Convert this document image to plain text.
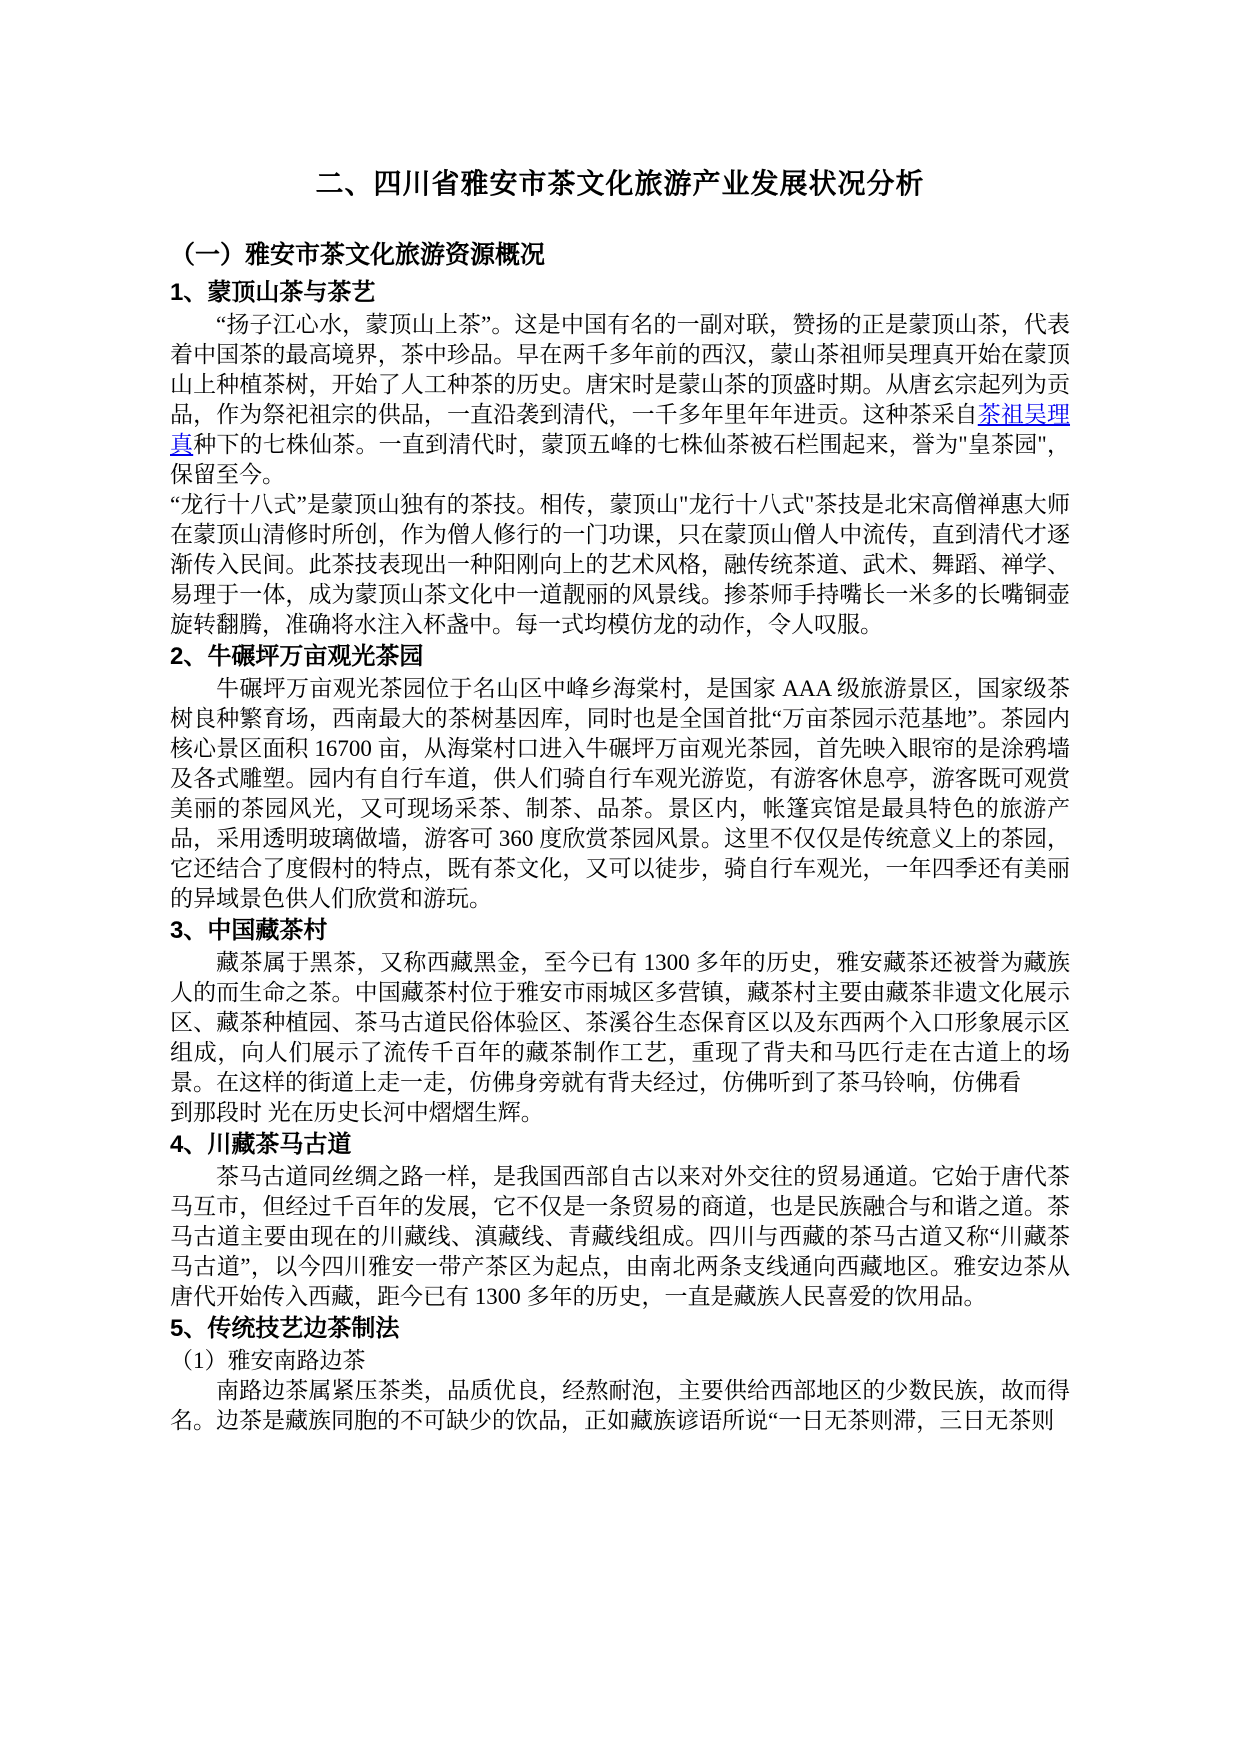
二、四川省雅安市茶文化旅游产业发展状况分析
（一）雅安市茶文化旅游资源概况
1、蒙顶山茶与茶艺

“扬子江心水，蒙顶山上茶”。这是中国有名的一副对联，赞扬的正是蒙顶山茶，代表着中国茶的最高境界，茶中珍品。早在两千多年前的西汉，蒙山茶祖师吴理真开始在蒙顶山上种植茶树，开始了人工种茶的历史。唐宋时是蒙山茶的顶盛时期。从唐玄宗起列为贡品，作为祭祀祖宗的供品，一直沿袭到清代，一千多年里年年进贡。这种茶采自茶祖吴理真种下的七株仙茶。一直到清代时，蒙顶五峰的七株仙茶被石栏围起来，誉为"皇茶园"，保留至今。

“龙行十八式”是蒙顶山独有的茶技。相传，蒙顶山"龙行十八式"茶技是北宋高僧禅惠大师在蒙顶山清修时所创，作为僧人修行的一门功课，只在蒙顶山僧人中流传，直到清代才逐渐传入民间。此茶技表现出一种阳刚向上的艺术风格，融传统茶道、武术、舞蹈、禅学、易理于一体，成为蒙顶山茶文化中一道靓丽的风景线。掺茶师手持嘴长一米多的长嘴铜壶旋转翻腾，准确将水注入杯盏中。每一式均模仿龙的动作，令人叹服。

2、牛碾坪万亩观光茶园

牛碾坪万亩观光茶园位于名山区中峰乡海棠村，是国家 AAA 级旅游景区，国家级茶树良种繁育场，西南最大的茶树基因库，同时也是全国首批“万亩茶园示范基地”。茶园内核心景区面积 16700 亩，从海棠村口进入牛碾坪万亩观光茶园，首先映入眼帘的是涂鸦墙及各式雕塑。园内有自行车道，供人们骑自行车观光游览，有游客休息亭，游客既可观赏美丽的茶园风光，又可现场采茶、制茶、品茶。景区内，帐篷宾馆是最具特色的旅游产品，采用透明玻璃做墙，游客可 360 度欣赏茶园风景。这里不仅仅是传统意义上的茶园，它还结合了度假村的特点，既有茶文化，又可以徒步，骑自行车观光，一年四季还有美丽的异域景色供人们欣赏和游玩。

3、中国藏茶村

藏茶属于黑茶，又称西藏黑金，至今已有 1300 多年的历史，雅安藏茶还被誉为藏族人的而生命之茶。中国藏茶村位于雅安市雨城区多营镇，藏茶村主要由藏茶非遗文化展示区、藏茶种植园、茶马古道民俗体验区、茶溪谷生态保育区以及东西两个入口形象展示区组成，向人们展示了流传千百年的藏茶制作工艺，重现了背夫和马匹行走在古道上的场景。在这样的街道上走一走，仿佛身旁就有背夫经过，仿佛听到了茶马铃响，仿佛看

到那段时 光在历史长河中熠熠生辉。

4、川藏茶马古道

茶马古道同丝绸之路一样，是我国西部自古以来对外交往的贸易通道。它始于唐代茶马互市，但经过千百年的发展，它不仅是一条贸易的商道，也是民族融合与和谐之道。茶马古道主要由现在的川藏线、滇藏线、青藏线组成。四川与西藏的茶马古道又称“川藏茶马古道”，以今四川雅安一带产茶区为起点，由南北两条支线通向西藏地区。雅安边茶从唐代开始传入西藏，距今已有 1300 多年的历史，一直是藏族人民喜爱的饮用品。

5、传统技艺边茶制法

（1）雅安南路边茶

南路边茶属紧压茶类，品质优良，经熬耐泡，主要供给西部地区的少数民族，故而得名。边茶是藏族同胞的不可缺少的饮品，正如藏族谚语所说“一日无茶则滞，三日无茶则
